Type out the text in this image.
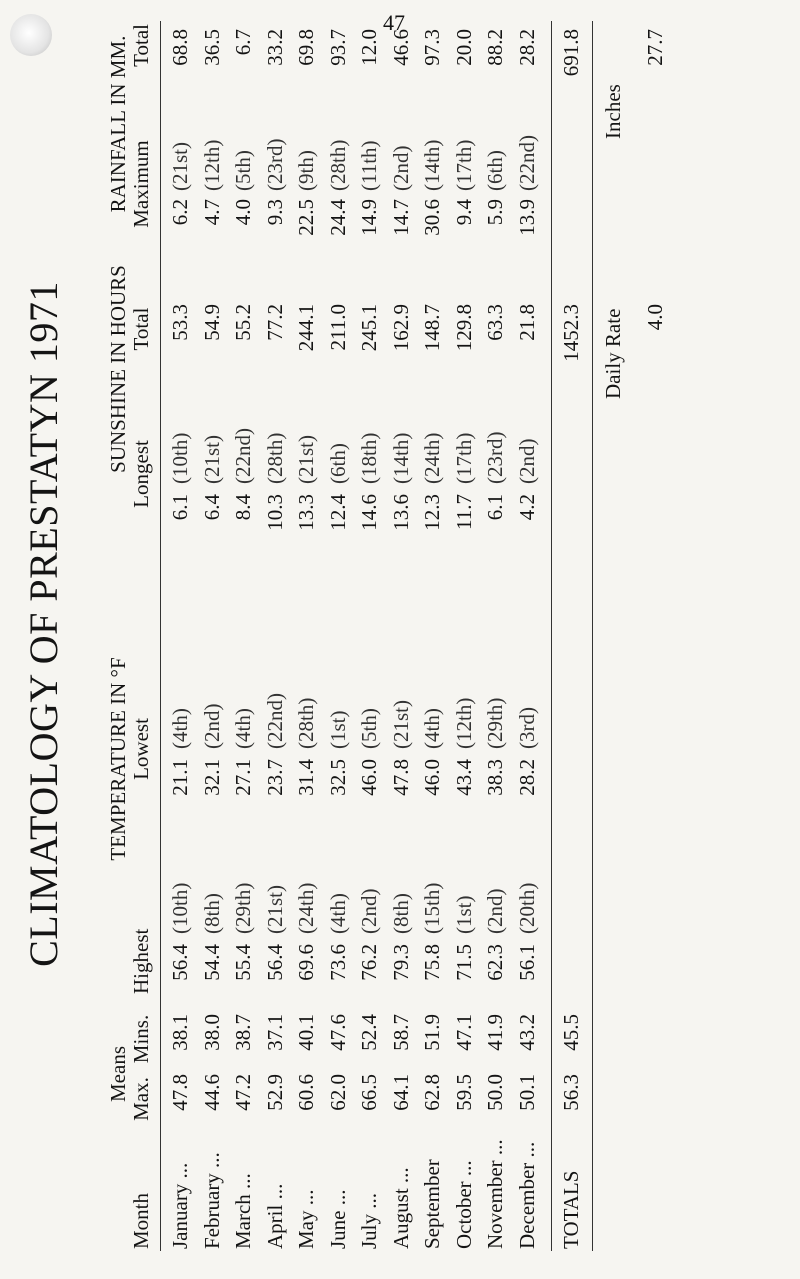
47
CLIMATOLOGY OF PRESTATYN 1971
Means
TEMPERATURE IN °F
SUNSHINE IN HOURS
RAINFALL IN MM.
Month
Max.
Mins.
Highest
Lowest
Longest
Total
Maximum
Total
January ... February ... March ... April ... May ... June ... July ... August ... September October ... November ... December ...
47.8 44.6 47.2 52.9 60.6 62.0 66.5 64.1 62.8 59.5 50.0 50.1
38.1 38.0 38.7 37.1 40.1 47.6 52.4 58.7 51.9 47.1 41.9 43.2
56.4 54.4 55.4 56.4 69.6 73.6 76.2 79.3 75.8 71.5 62.3 56.1
(10th) (8th) (29th) (21st) (24th) (4th) (2nd) (8th) (15th) (1st) (2nd) (20th)
21.1 32.1 27.1 23.7 31.4 32.5 46.0 47.8 46.0 43.4 38.3 28.2
(4th) (2nd) (4th) (22nd) (28th) (1st) (5th) (21st) (4th) (12th) (29th) (3rd)
6.1 6.4 8.4 10.3 13.3 12.4 14.6 13.6 12.3 11.7 6.1 4.2
(10th) (21st) (22nd) (28th) (21st) (6th) (18th) (14th) (24th) (17th) (23rd) (2nd)
53.3 54.9 55.2 77.2 244.1 211.0 245.1 162.9 148.7 129.8 63.3 21.8
6.2 4.7 4.0 9.3 22.5 24.4 14.9 14.7 30.6 9.4 5.9 13.9
(21st) (12th) (5th) (23rd) (9th) (28th) (11th) (2nd) (14th) (17th) (6th) (22nd)
68.8 36.5 6.7 33.2 69.8 93.7 12.0 46.6 97.3 20.0 88.2 28.2
TOTALS
56.3
45.5
1452.3
691.8
Daily Rate 4.0
Inches
27.7
